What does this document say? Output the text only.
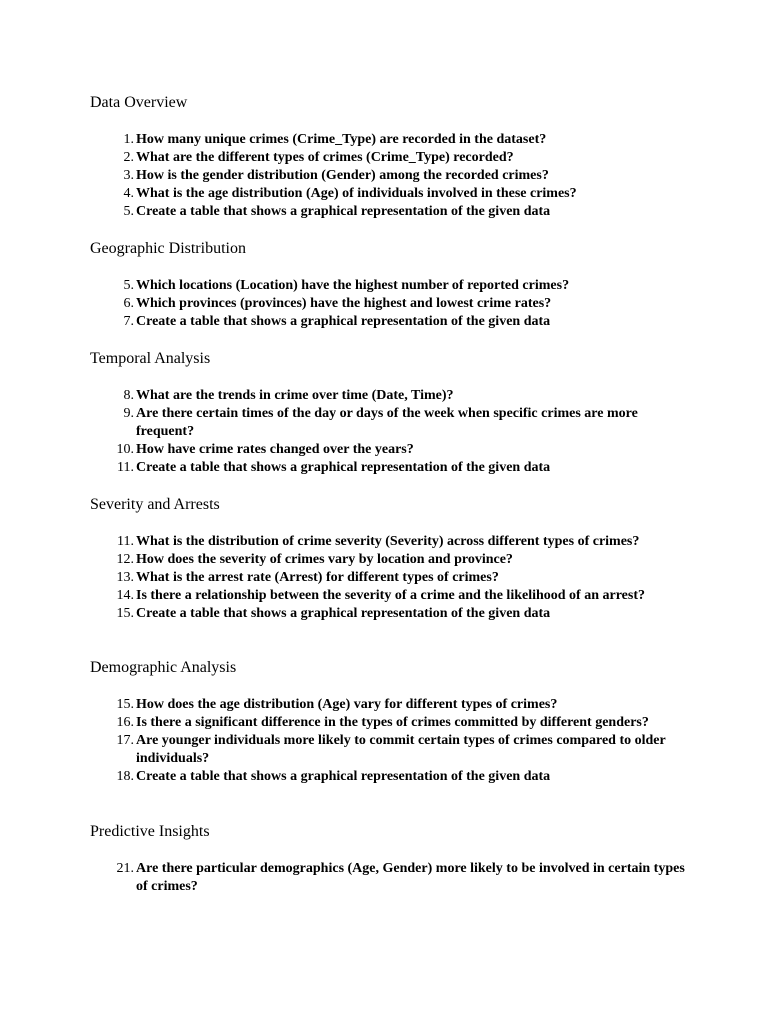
Data Overview
1. How many unique crimes (Crime_Type) are recorded in the dataset?
2. What are the different types of crimes (Crime_Type) recorded?
3. How is the gender distribution (Gender) among the recorded crimes?
4. What is the age distribution (Age) of individuals involved in these crimes?
5. Create a table that shows a graphical representation of the given data
Geographic Distribution
5. Which locations (Location) have the highest number of reported crimes?
6. Which provinces (provinces) have the highest and lowest crime rates?
7. Create a table that shows a graphical representation of the given data
Temporal Analysis
8. What are the trends in crime over time (Date, Time)?
9. Are there certain times of the day or days of the week when specific crimes are more frequent?
10. How have crime rates changed over the years?
11. Create a table that shows a graphical representation of the given data
Severity and Arrests
11. What is the distribution of crime severity (Severity) across different types of crimes?
12. How does the severity of crimes vary by location and province?
13. What is the arrest rate (Arrest) for different types of crimes?
14. Is there a relationship between the severity of a crime and the likelihood of an arrest?
15. Create a table that shows a graphical representation of the given data
Demographic Analysis
15. How does the age distribution (Age) vary for different types of crimes?
16. Is there a significant difference in the types of crimes committed by different genders?
17. Are younger individuals more likely to commit certain types of crimes compared to older individuals?
18. Create a table that shows a graphical representation of the given data
Predictive Insights
21. Are there particular demographics (Age, Gender) more likely to be involved in certain types of crimes?
